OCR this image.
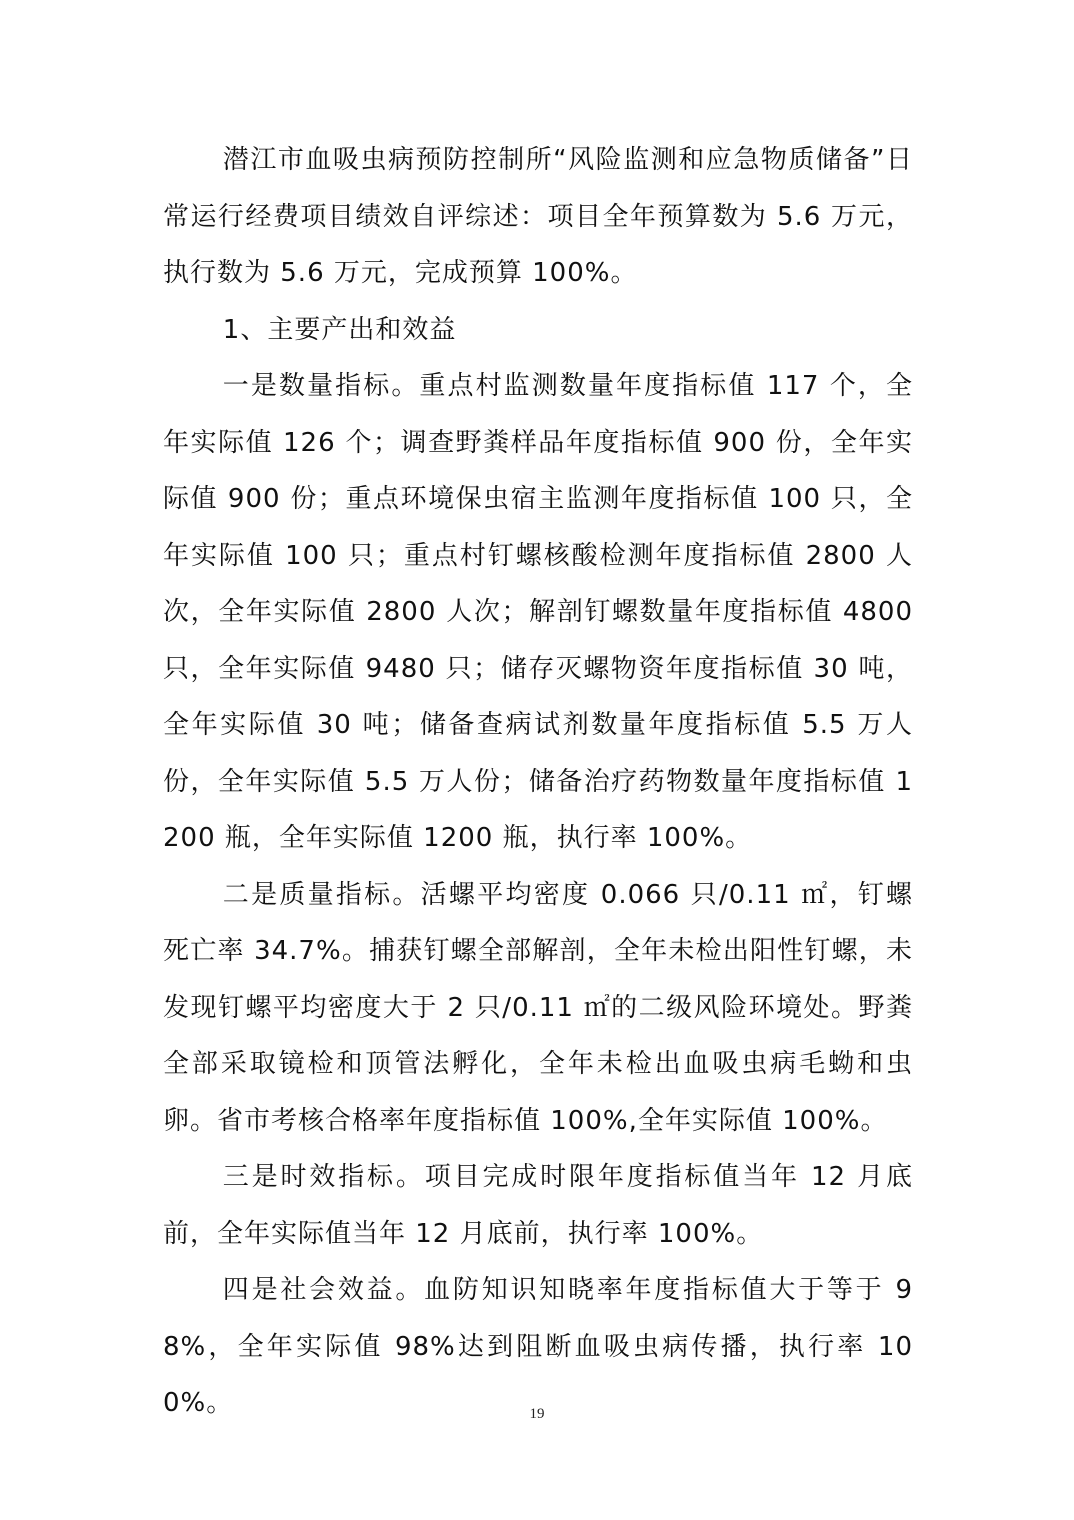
潜江市血吸虫病预防控制所“风险监测和应急物质储备”日常运行经费项目绩效自评综述：项目全年预算数为 5.6 万元，执行数为 5.6 万元，完成预算 100%。

1、主要产出和效益

一是数量指标。重点村监测数量年度指标值 117 个，全年实际值 126 个；调查野粪样品年度指标值 900 份，全年实际值 900 份；重点环境保虫宿主监测年度指标值 100 只，全年实际值 100 只；重点村钉螺核酸检测年度指标值 2800 人次，全年实际值 2800 人次；解剖钉螺数量年度指标值 4800 只，全年实际值 9480 只；储存灭螺物资年度指标值 30 吨，全年实际值 30 吨；储备查病试剂数量年度指标值 5.5 万人份，全年实际值 5.5 万人份；储备治疗药物数量年度指标值 1200 瓶，全年实际值 1200 瓶，执行率 100%。

二是质量指标。活螺平均密度 0.066 只/0.11 ㎡，钉螺死亡率 34.7%。捕获钉螺全部解剖，全年未检出阳性钉螺，未发现钉螺平均密度大于 2 只/0.11 ㎡的二级风险环境处。野粪全部采取镜检和顶管法孵化，全年未检出血吸虫病毛蚴和虫卵。省市考核合格率年度指标值 100%,全年实际值 100%。

三是时效指标。项目完成时限年度指标值当年 12 月底前，全年实际值当年 12 月底前，执行率 100%。

四是社会效益。血防知识知晓率年度指标值大于等于 98%，全年实际值 98%达到阻断血吸虫病传播，执行率 100%。	19
